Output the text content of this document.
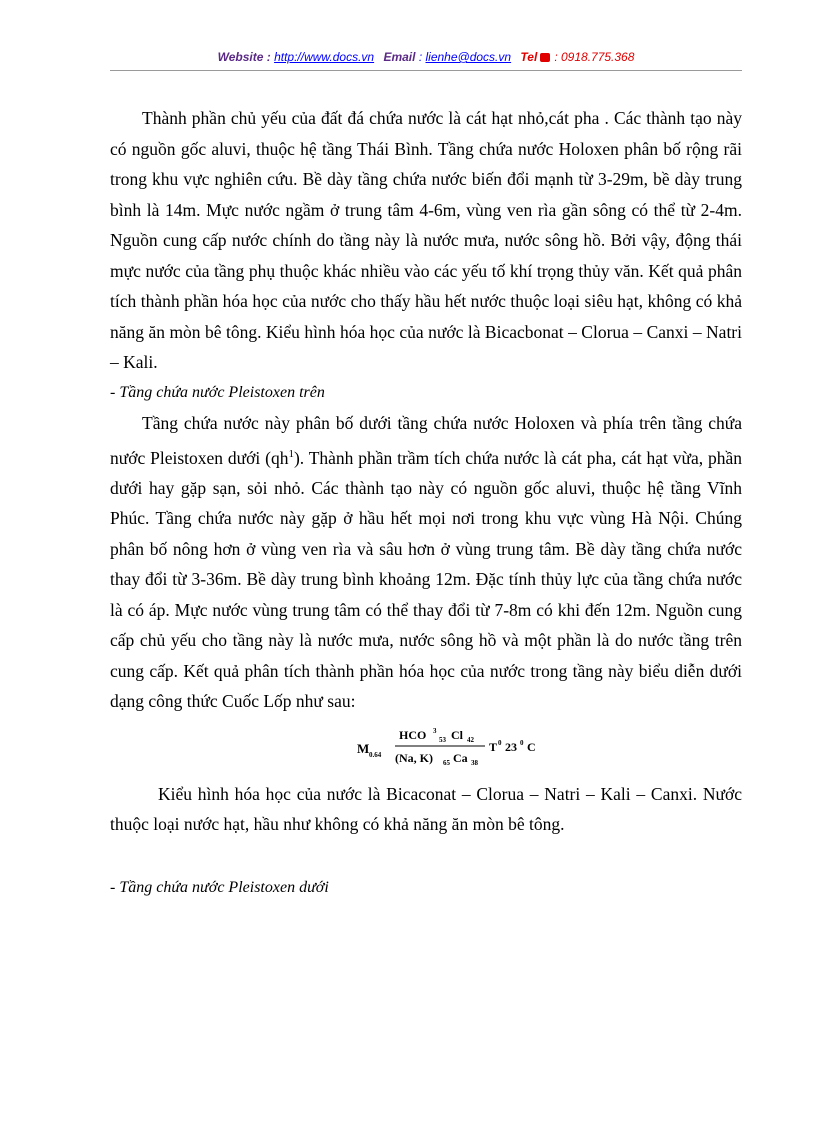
Website : http://www.docs.vn Email : lienhe@docs.vn Tel : 0918.775.368

Thành phần chủ yếu của đất đá chứa nước là cát hạt nhỏ,cát pha . Các thành tạo này có nguồn gốc aluvi, thuộc hệ tầng Thái Bình. Tầng chứa nước Holoxen phân bố rộng rãi trong khu vực nghiên cứu. Bề dày tầng chứa nước biến đổi mạnh từ 3-29m, bề dày trung bình là 14m. Mực nước ngầm ở trung tâm 4-6m, vùng ven rìa gần sông có thể từ 2-4m. Nguồn cung cấp nước chính do tầng này là nước mưa, nước sông hồ. Bởi vậy, động thái mực nước của tầng phụ thuộc khác nhiều vào các yếu tố khí trọng thủy văn. Kết quả phân tích thành phần hóa học của nước cho thấy hầu hết nước thuộc loại siêu hạt, không có khả năng ăn mòn bê tông. Kiểu hình hóa học của nước là Bicacbonat – Clorua – Canxi – Natri – Kali.

- Tầng chứa nước Pleistoxen trên

Tầng chứa nước này phân bố dưới tầng chứa nước Holoxen và phía trên tầng chứa nước Pleistoxen dưới $(qh^1)$. Thành phần trầm tích chứa nước là cát pha, cát hạt vừa, phần dưới hay gặp sạn, sỏi nhỏ. Các thành tạo này có nguồn gốc aluvi, thuộc hệ tầng Vĩnh Phúc. Tầng chứa nước này gặp ở hầu hết mọi nơi trong khu vực vùng Hà Nội. Chúng phân bố nông hơn ở vùng ven rìa và sâu hơn ở vùng trung tâm. Bề dày tầng chứa nước thay đổi từ 3-36m. Bề dày trung bình khoảng 12m. Đặc tính thủy lực của tầng chứa nước là có áp. Mực nước vùng trung tâm có thể thay đổi từ 7-8m có khi đến 12m. Nguồn cung cấp chủ yếu cho tầng này là nước mưa, nước sông hồ và một phần là do nước tầng trên cung cấp. Kết quả phân tích thành phần hóa học của nước trong tầng này biểu diễn dưới dạng công thức Cuốc Lốp như sau:

M 0.64
HCO 3
53 Cl 42
(Na, K) 65 Ca 38
T 0 23 0 C

Kiểu hình hóa học của nước là Bicaconat – Clorua – Natri – Kali – Canxi. Nước thuộc loại nước hạt, hầu như không có khả năng ăn mòn bê tông.

- Tầng chứa nước Pleistoxen dưới
